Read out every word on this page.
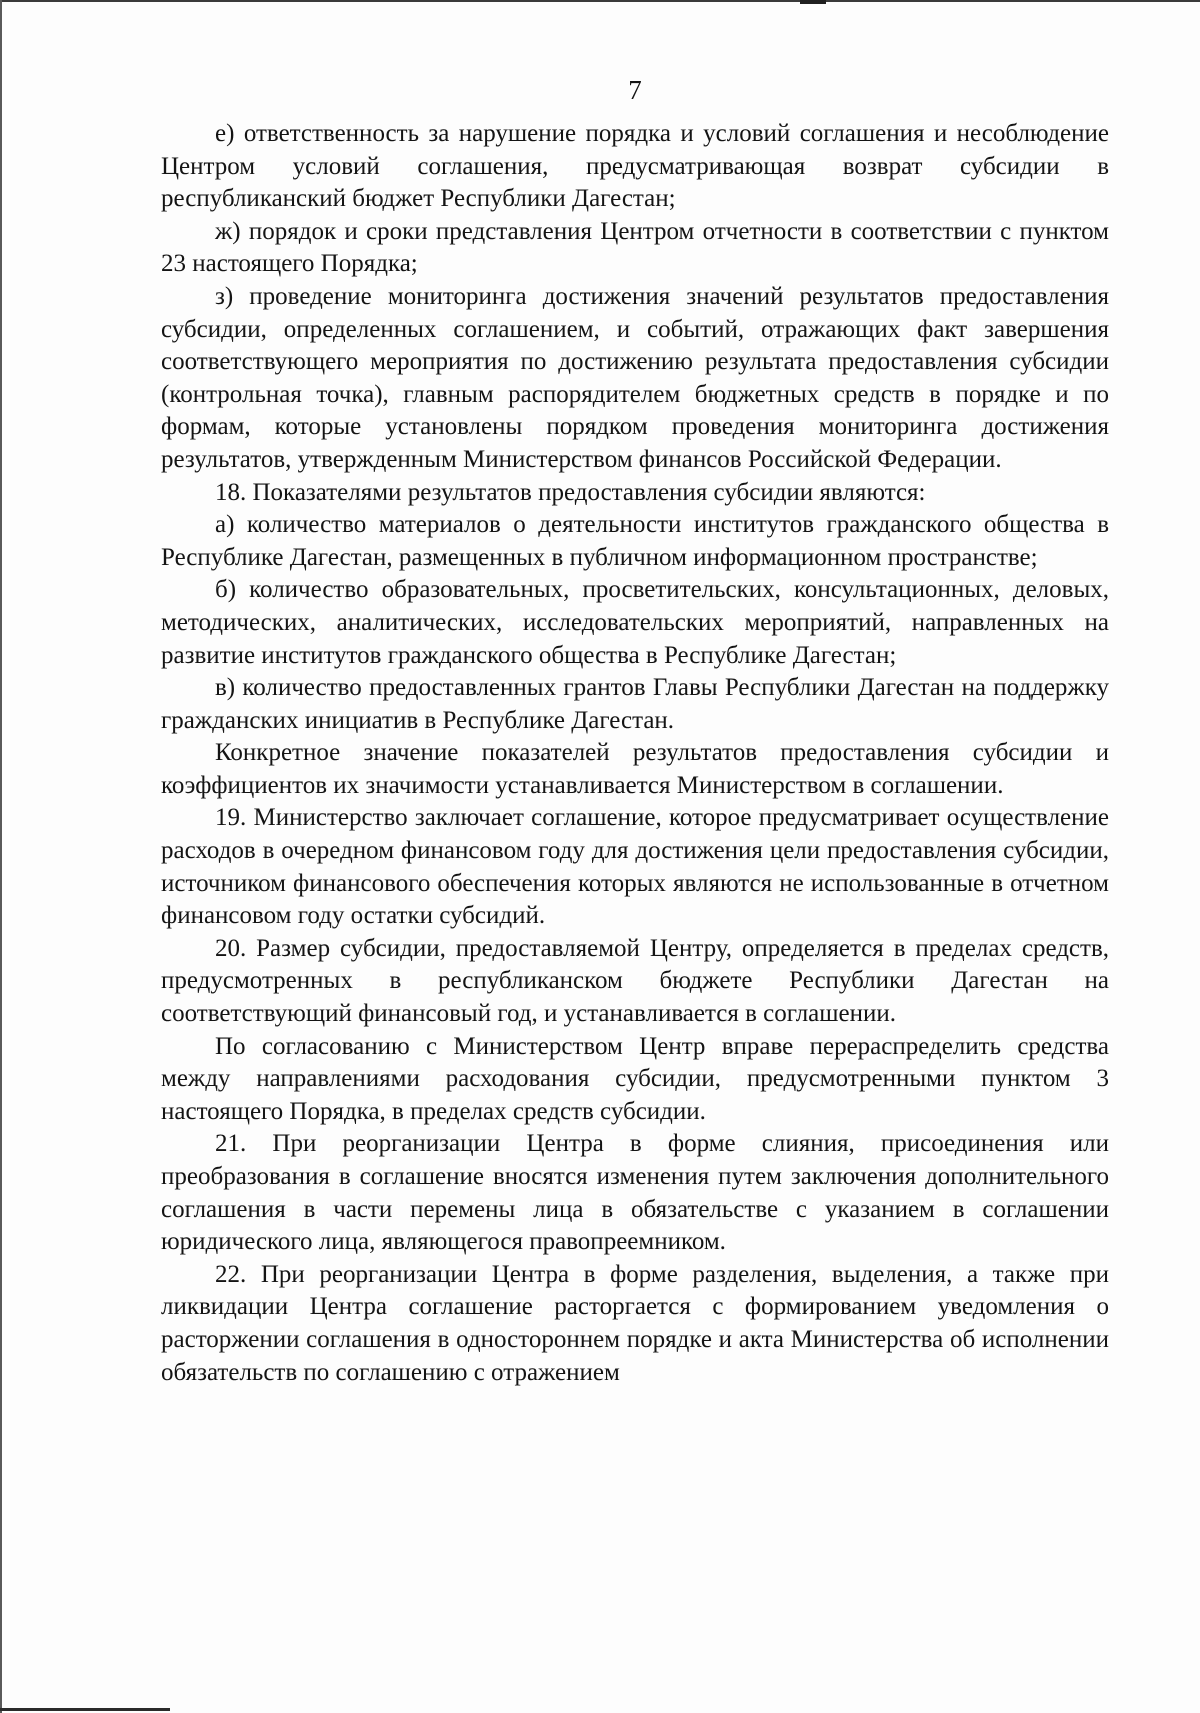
7

е) ответственность за нарушение порядка и условий соглашения и несоблюдение Центром условий соглашения, предусматривающая возврат субсидии в республиканский бюджет Республики Дагестан;

ж) порядок и сроки представления Центром отчетности в соответствии с пунктом 23 настоящего Порядка;

з) проведение мониторинга достижения значений результатов предоставления субсидии, определенных соглашением, и событий, отражающих факт завершения соответствующего мероприятия по достижению результата предоставления субсидии (контрольная точка), главным распорядителем бюджетных средств в порядке и по формам, которые установлены порядком проведения мониторинга достижения результатов, утвержденным Министерством финансов Российской Федерации.

18. Показателями результатов предоставления субсидии являются:

а) количество материалов о деятельности институтов гражданского общества в Республике Дагестан, размещенных в публичном информационном пространстве;

б) количество образовательных, просветительских, консультационных, деловых, методических, аналитических, исследовательских мероприятий, направленных на развитие институтов гражданского общества в Республике Дагестан;

в) количество предоставленных грантов Главы Республики Дагестан на поддержку гражданских инициатив в Республике Дагестан.

Конкретное значение показателей результатов предоставления субсидии и коэффициентов их значимости устанавливается Министерством в соглашении.

19. Министерство заключает соглашение, которое предусматривает осуществление расходов в очередном финансовом году для достижения цели предоставления субсидии, источником финансового обеспечения которых являются не использованные в отчетном финансовом году остатки субсидий.

20. Размер субсидии, предоставляемой Центру, определяется в пределах средств, предусмотренных в республиканском бюджете Республики Дагестан на соответствующий финансовый год, и устанавливается в соглашении.

По согласованию с Министерством Центр вправе перераспределить средства между направлениями расходования субсидии, предусмотренными пунктом 3 настоящего Порядка, в пределах средств субсидии.

21. При реорганизации Центра в форме слияния, присоединения или преобразования в соглашение вносятся изменения путем заключения дополнительного соглашения в части перемены лица в обязательстве с указанием в соглашении юридического лица, являющегося правопреемником.

22. При реорганизации Центра в форме разделения, выделения, а также при ликвидации Центра соглашение расторгается с формированием уведомления о расторжении соглашения в одностороннем порядке и акта Министерства об исполнении обязательств по соглашению с отражением
